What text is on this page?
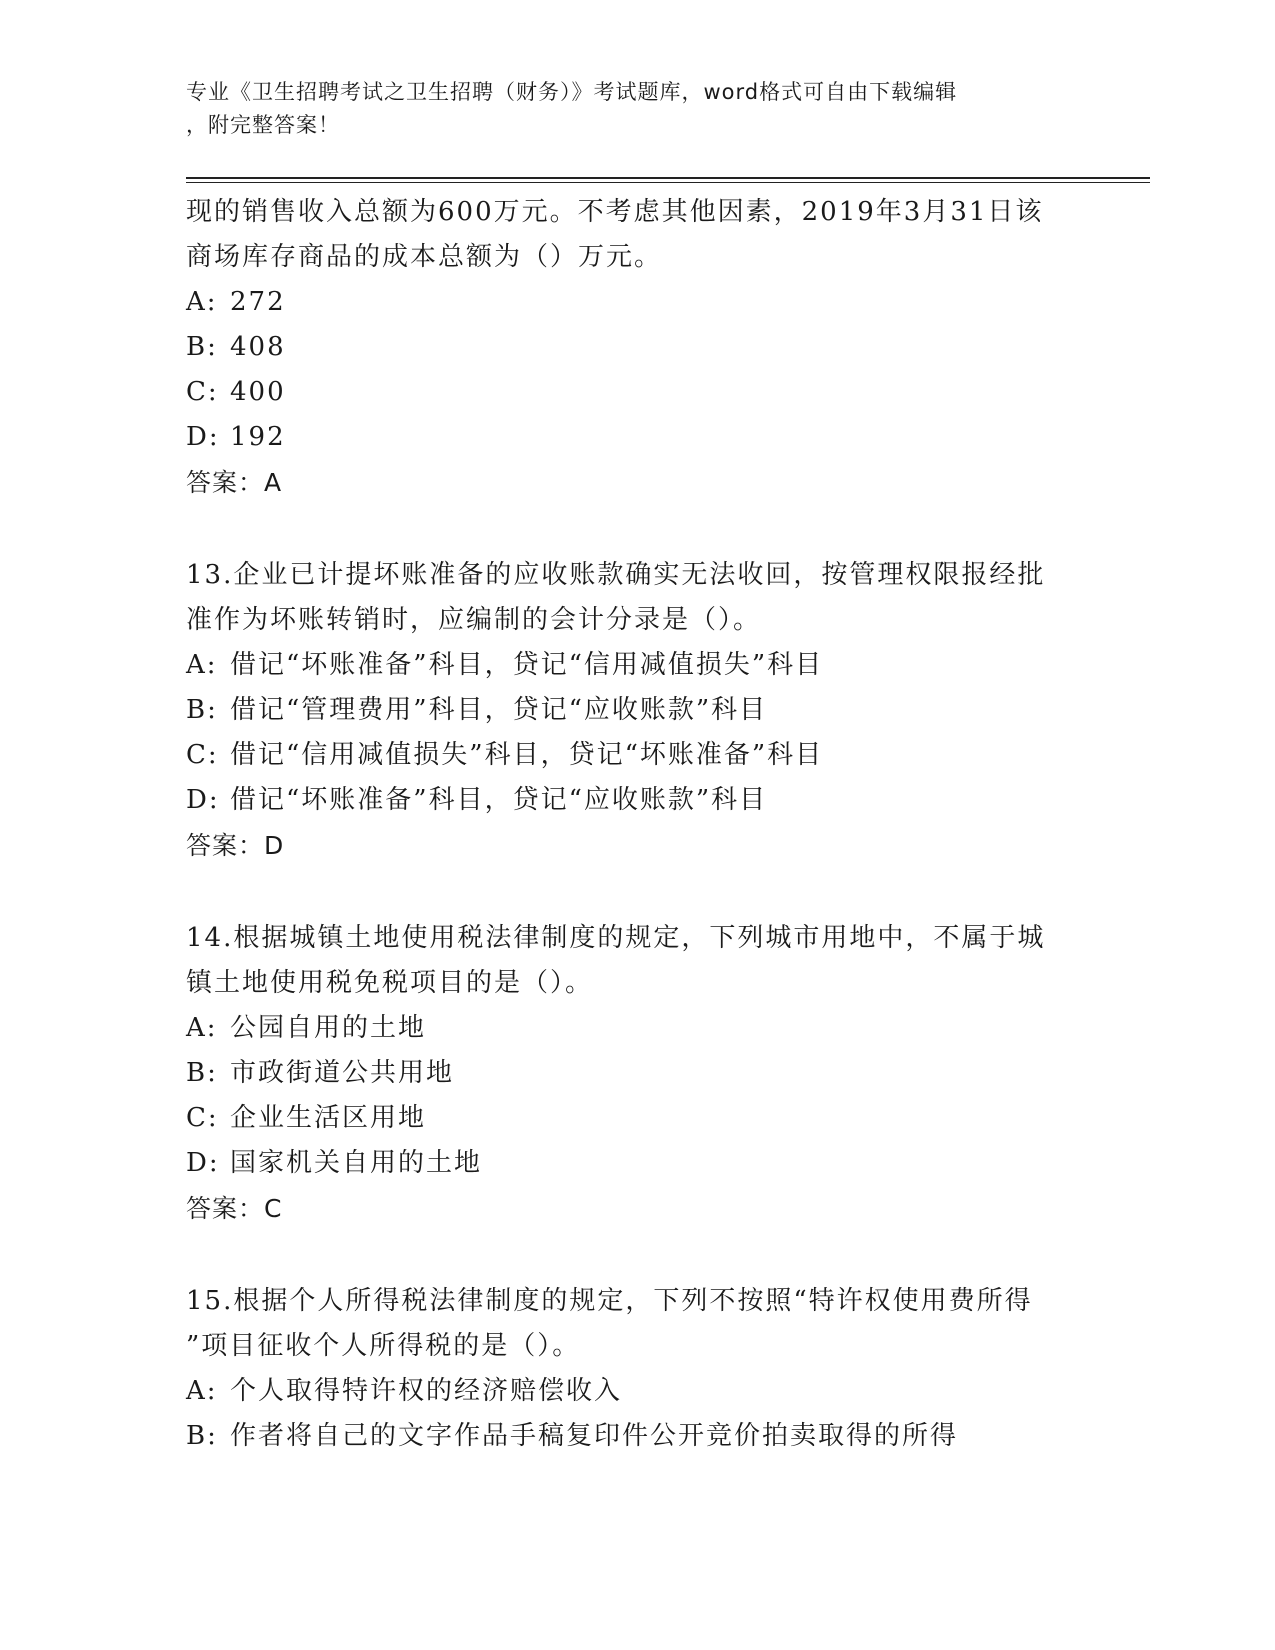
专业《卫生招聘考试之卫生招聘（财务）》考试题库，word格式可自由下载编辑
，附完整答案！
现的销售收入总额为600万元。不考虑其他因素，2019年3月31日该
商场库存商品的成本总额为（）万元。
A: 272
B: 408
C: 400
D: 192
答案：A
13.企业已计提坏账准备的应收账款确实无法收回，按管理权限报经批
准作为坏账转销时，应编制的会计分录是（）。
A: 借记“坏账准备”科目，贷记“信用减值损失”科目
B: 借记“管理费用”科目，贷记“应收账款”科目
C: 借记“信用减值损失”科目，贷记“坏账准备”科目
D: 借记“坏账准备”科目，贷记“应收账款”科目
答案：D
14.根据城镇土地使用税法律制度的规定，下列城市用地中，不属于城
镇土地使用税免税项目的是（）。
A: 公园自用的土地
B: 市政街道公共用地
C: 企业生活区用地
D: 国家机关自用的土地
答案：C
15.根据个人所得税法律制度的规定，下列不按照“特许权使用费所得
”项目征收个人所得税的是（）。
A: 个人取得特许权的经济赔偿收入
B: 作者将自己的文字作品手稿复印件公开竞价拍卖取得的所得
